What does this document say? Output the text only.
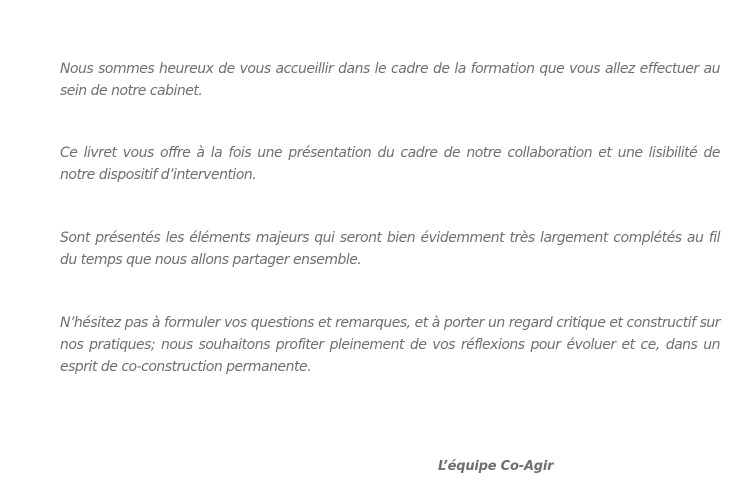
Nous sommes heureux de vous accueillir dans le cadre de la formation que vous allez effectuer au sein de notre cabinet.

Ce livret vous offre à la fois une présentation du cadre de notre collaboration et une lisibilité de notre dispositif d’intervention.

Sont présentés les éléments majeurs qui seront bien évidemment très largement complétés au fil du temps que nous allons partager ensemble.

N’hésitez pas à formuler vos questions et remarques, et à porter un regard critique et constructif sur nos pratiques; nous souhaitons profiter pleinement de vos réflexions pour évoluer et ce, dans un esprit de co-construction permanente.

L’équipe Co-Agir
